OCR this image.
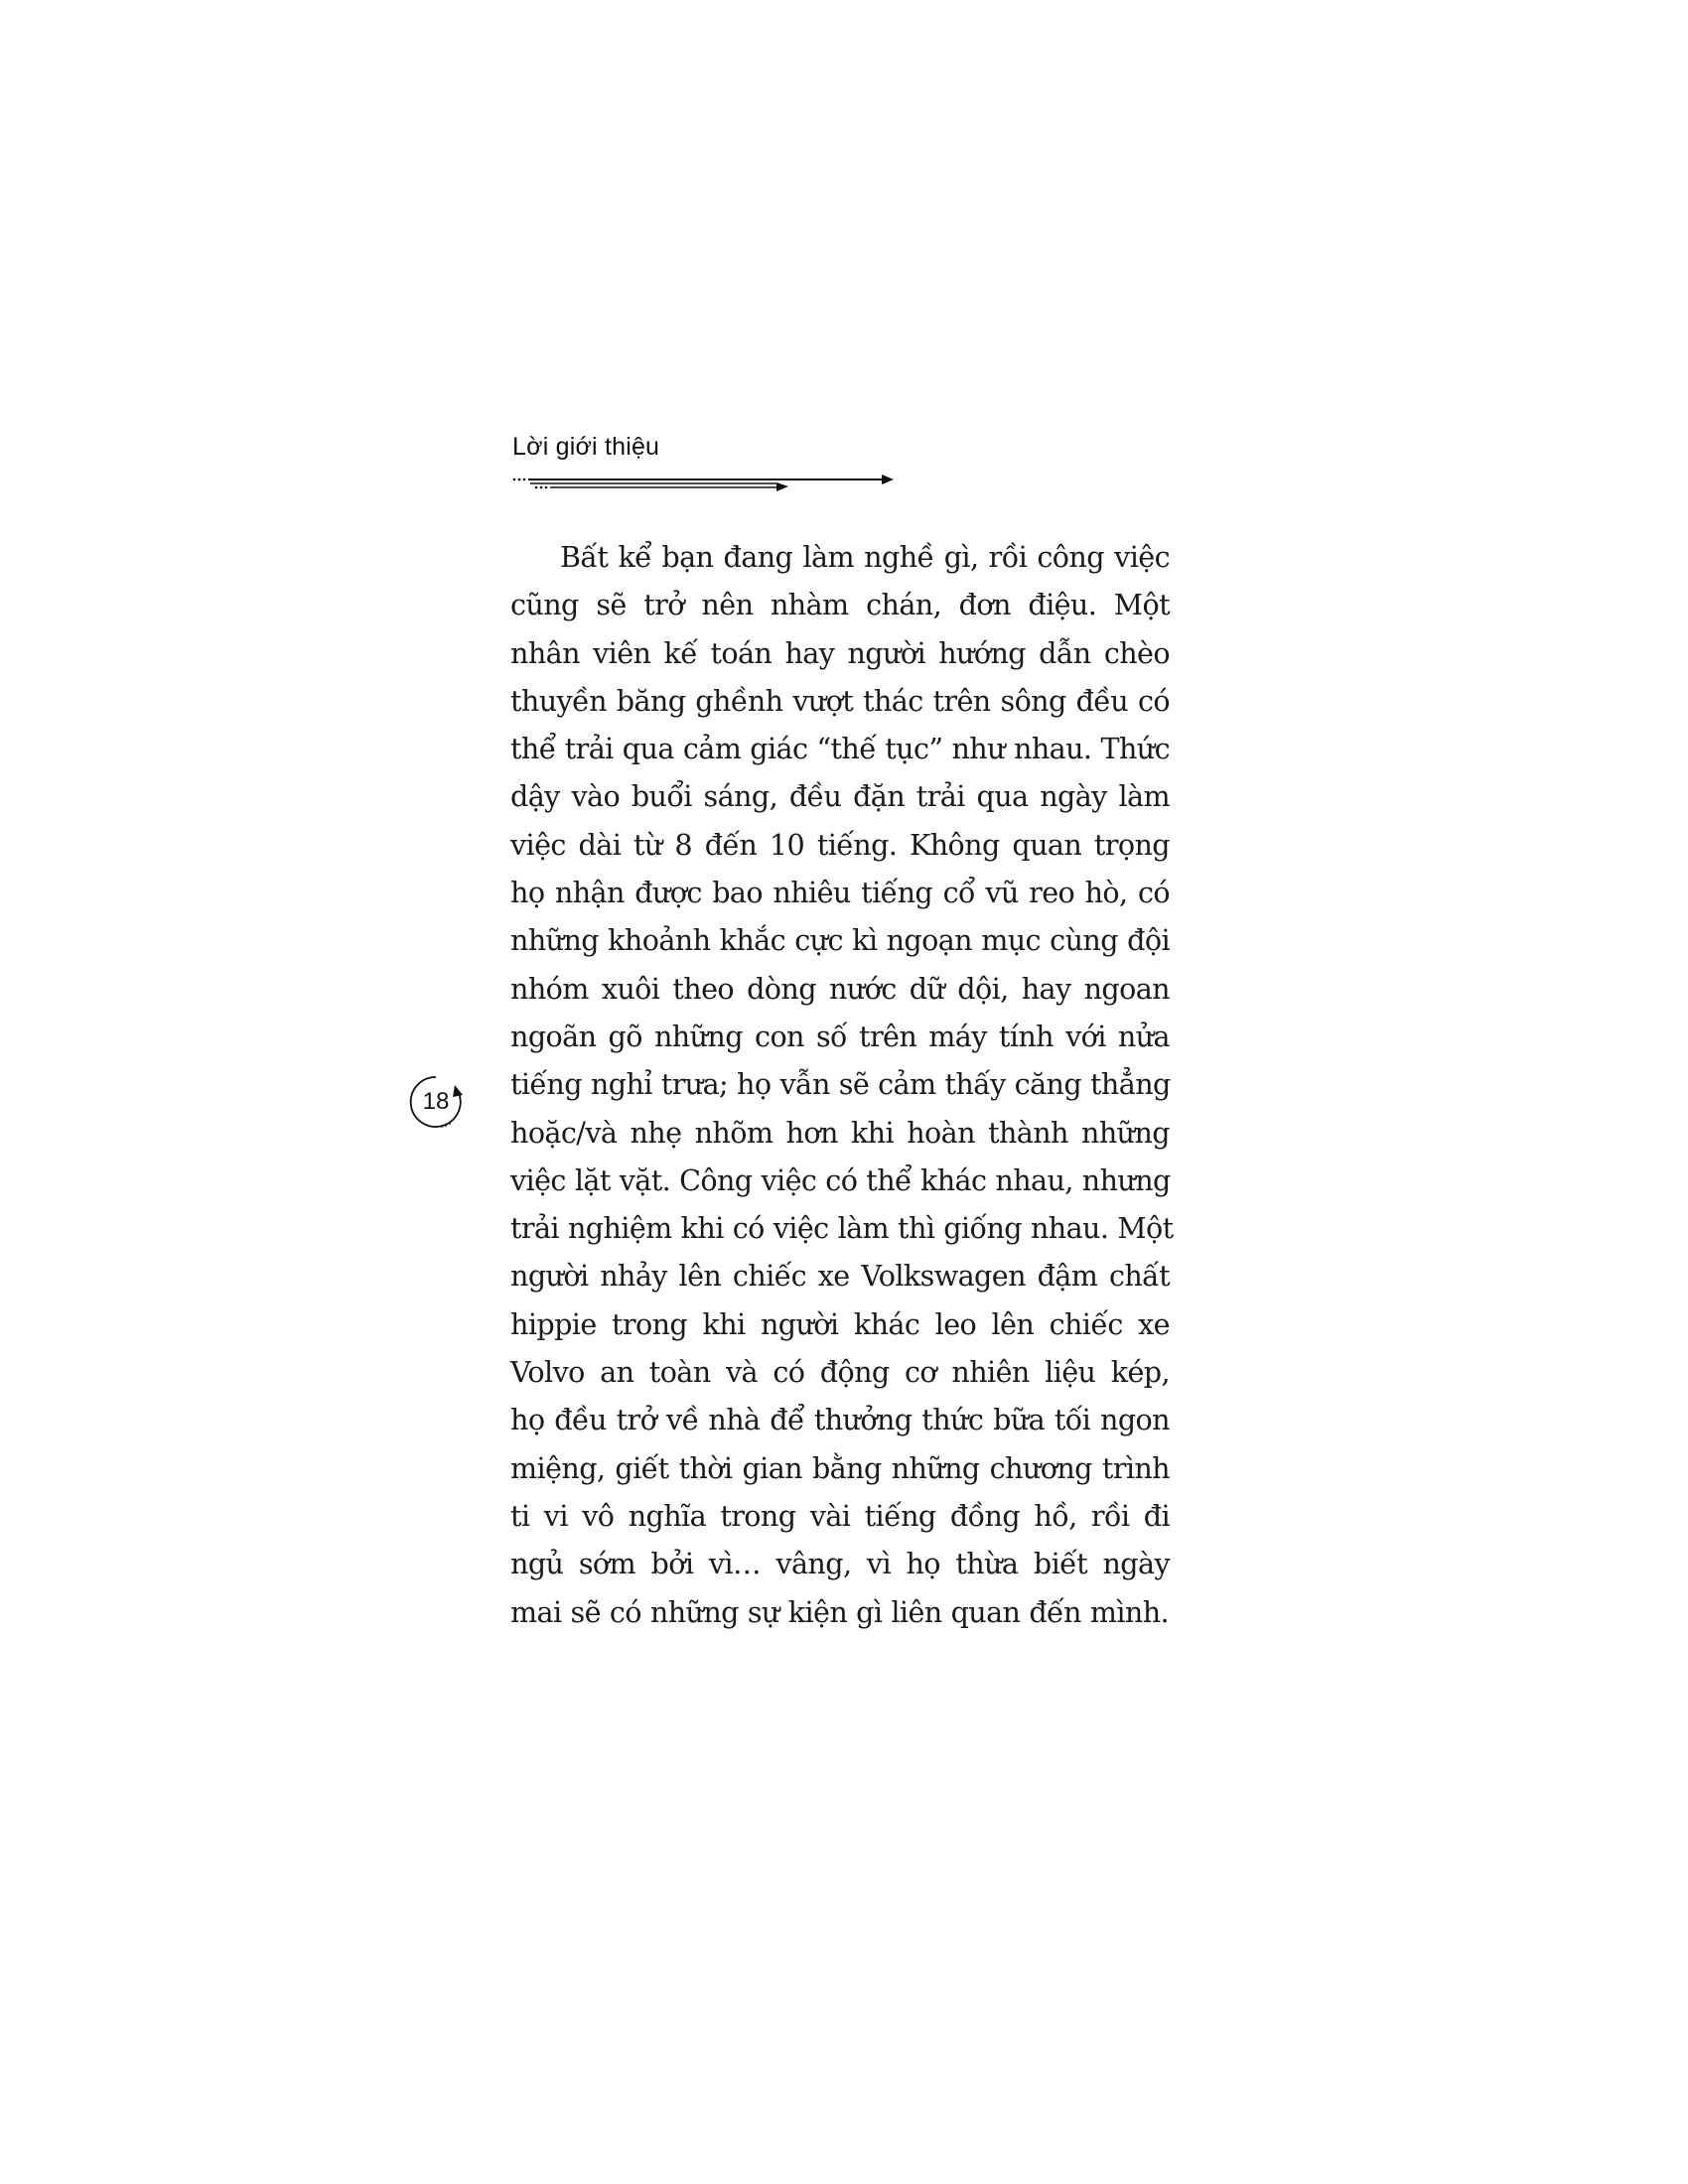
Lời giới thiệu
18
Bất kể bạn đang làm nghề gì, rồi công việc
cũng sẽ trở nên nhàm chán, đơn điệu. Một
nhân viên kế toán hay người hướng dẫn chèo
thuyền băng ghềnh vượt thác trên sông đều có
thể trải qua cảm giác “thế tục” như nhau. Thức
dậy vào buổi sáng, đều đặn trải qua ngày làm
việc dài từ 8 đến 10 tiếng. Không quan trọng
họ nhận được bao nhiêu tiếng cổ vũ reo hò, có
những khoảnh khắc cực kì ngoạn mục cùng đội
nhóm xuôi theo dòng nước dữ dội, hay ngoan
ngoãn gõ những con số trên máy tính với nửa
tiếng nghỉ trưa; họ vẫn sẽ cảm thấy căng thẳng
hoặc/và nhẹ nhõm hơn khi hoàn thành những
việc lặt vặt. Công việc có thể khác nhau, nhưng
trải nghiệm khi có việc làm thì giống nhau. Một
người nhảy lên chiếc xe Volkswagen đậm chất
hippie trong khi người khác leo lên chiếc xe
Volvo an toàn và có động cơ nhiên liệu kép,
họ đều trở về nhà để thưởng thức bữa tối ngon
miệng, giết thời gian bằng những chương trình
ti vi vô nghĩa trong vài tiếng đồng hồ, rồi đi
ngủ sớm bởi vì… vâng, vì họ thừa biết ngày
mai sẽ có những sự kiện gì liên quan đến mình.
